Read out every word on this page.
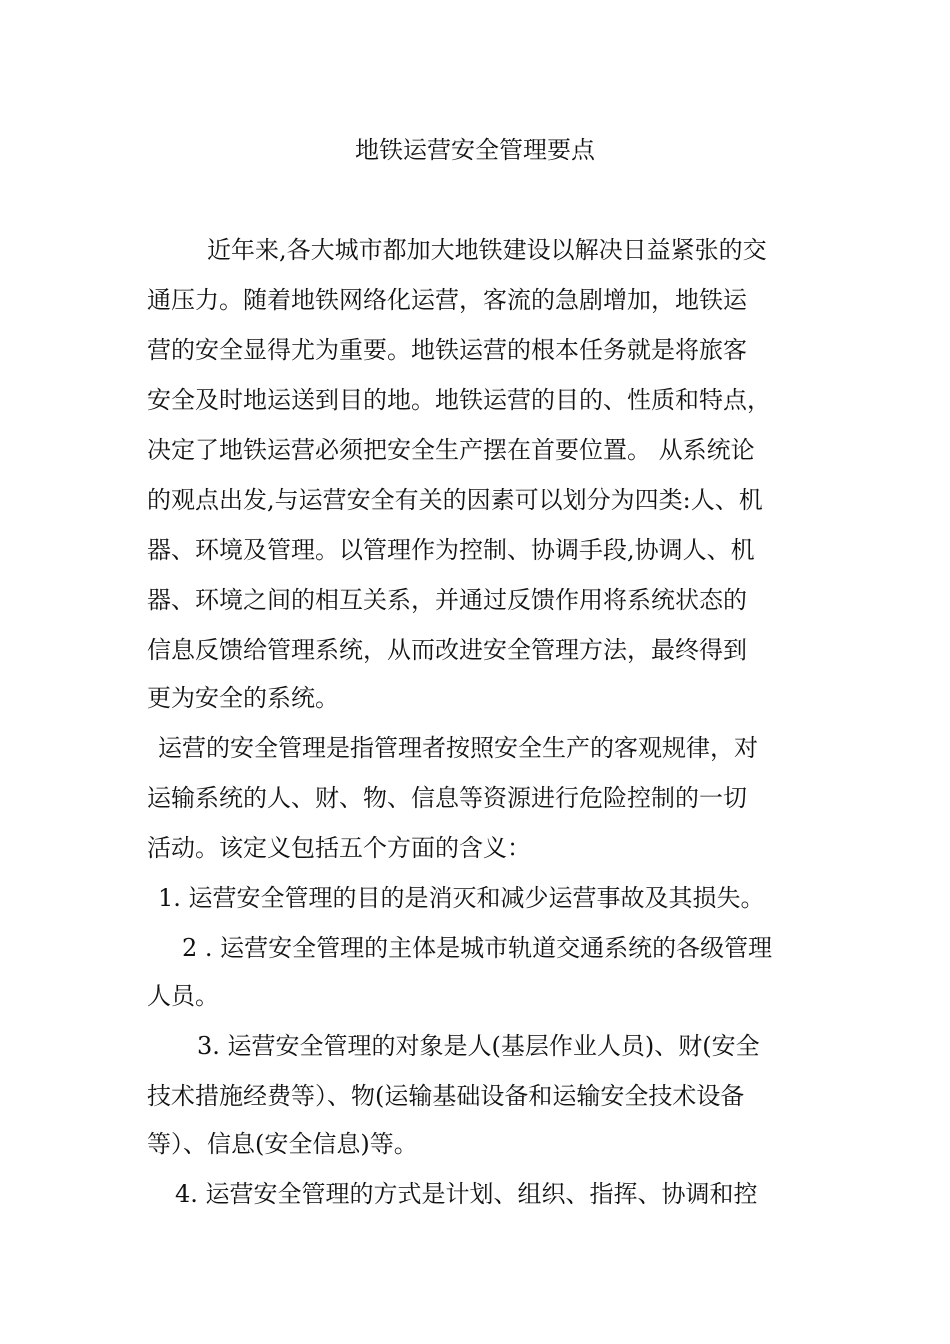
地铁运营安全管理要点
近年来,各大城市都加大地铁建设以解决日益紧张的交
通压力。随着地铁网络化运营，客流的急剧增加，地铁运
营的安全显得尤为重要。地铁运营的根本任务就是将旅客
安全及时地运送到目的地。地铁运营的目的、性质和特点，
决定了地铁运营必须把安全生产摆在首要位置。 从系统论
的观点出发,与运营安全有关的因素可以划分为四类:人、机
器、环境及管理。以管理作为控制、协调手段,协调人、机
器、环境之间的相互关系，并通过反馈作用将系统状态的
信息反馈给管理系统，从而改进安全管理方法，最终得到
更为安全的系统。
运营的安全管理是指管理者按照安全生产的客观规律，对
运输系统的人、财、物、信息等资源进行危险控制的一切
活动。该定义包括五个方面的含义：
1. 运营安全管理的目的是消灭和减少运营事故及其损失。
2 . 运营安全管理的主体是城市轨道交通系统的各级管理
人员。
3. 运营安全管理的对象是人(基层作业人员)、财(安全
技术措施经费等）、物(运输基础设备和运输安全技术设备
等）、信息(安全信息)等。
4. 运营安全管理的方式是计划、组织、指挥、协调和控
